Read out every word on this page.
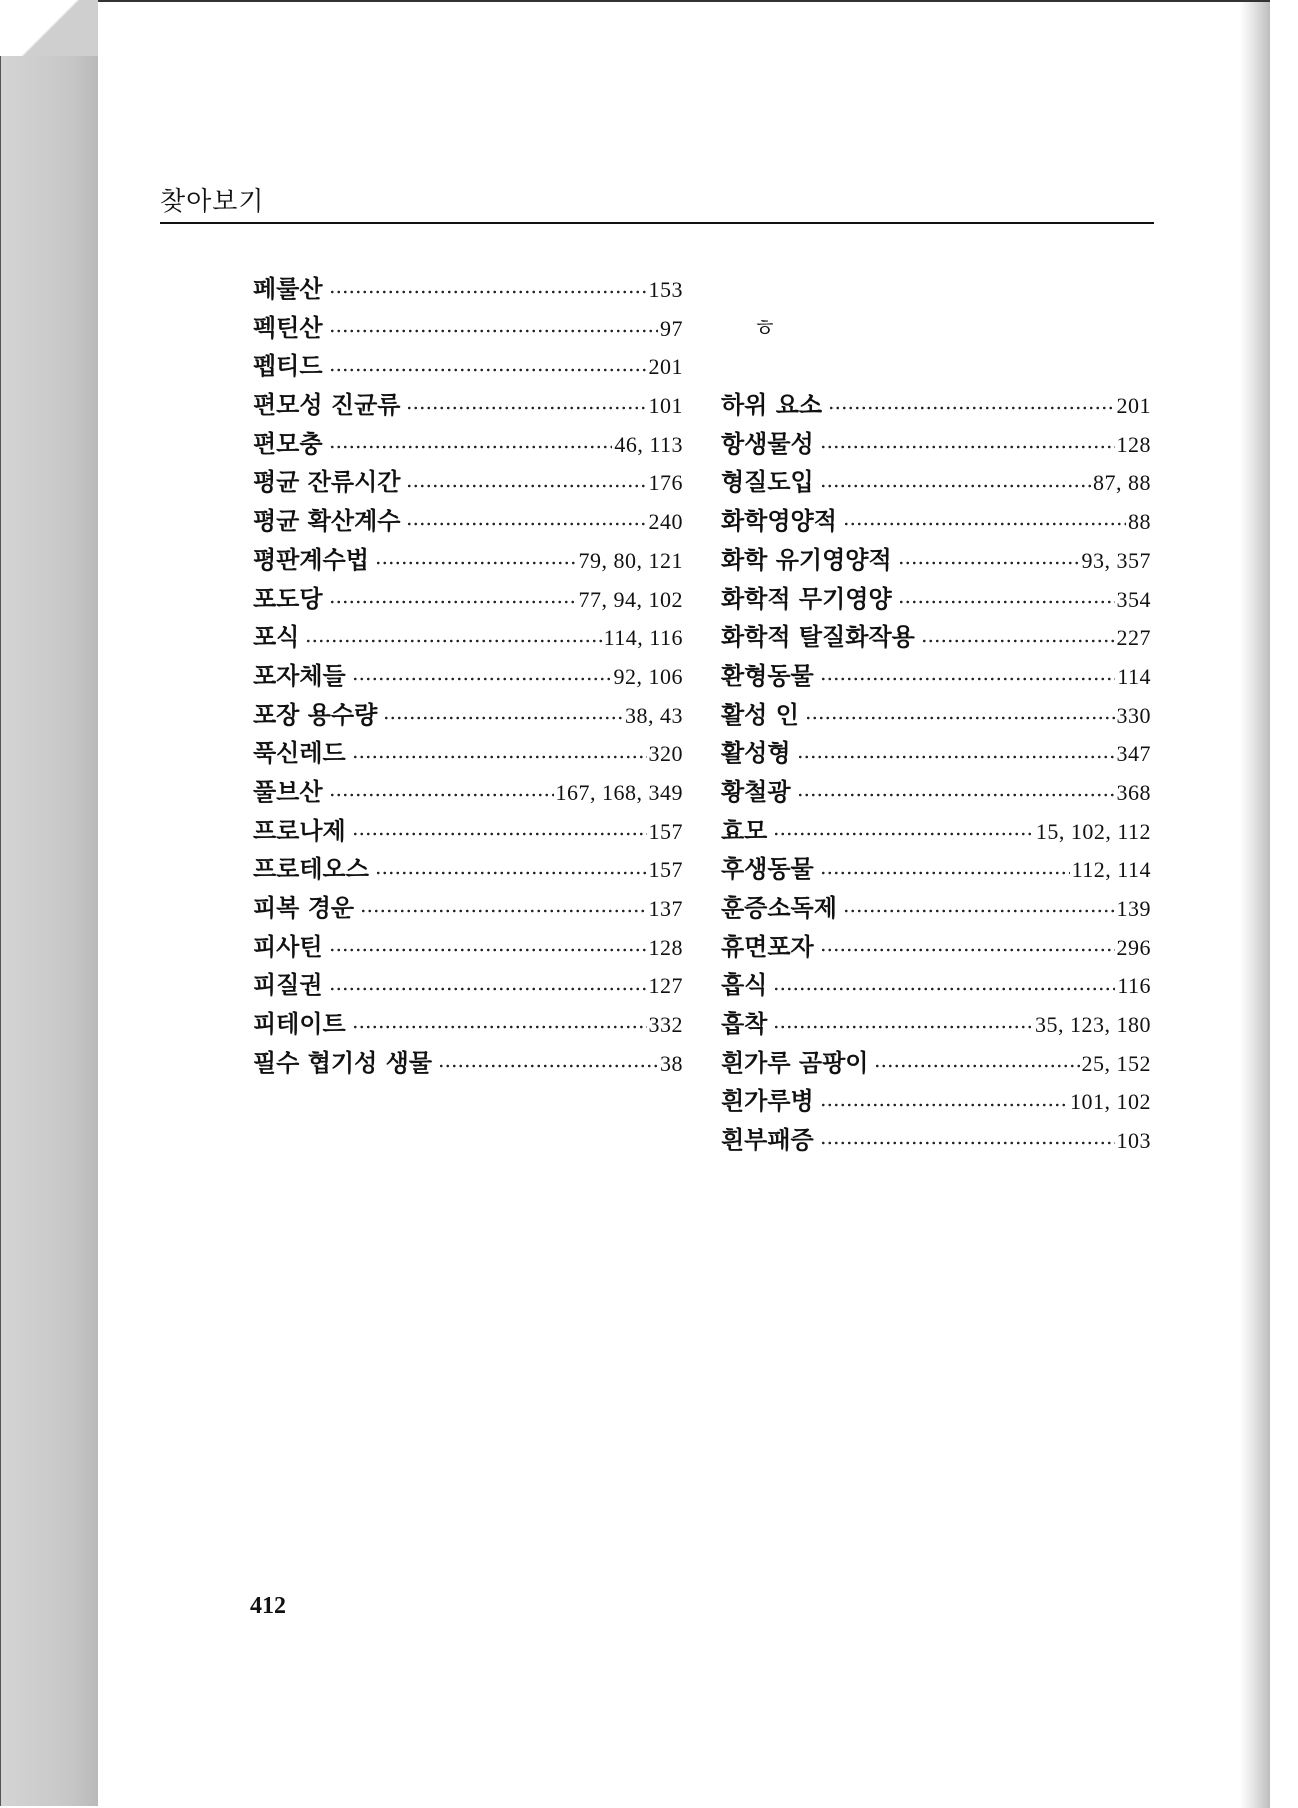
찾아보기
페룰산	153
펙틴산	97
펩티드	201
편모성 진균류	101
편모충	46, 113
평균 잔류시간	176
평균 확산계수	240
평판계수법	79, 80, 121
포도당	77, 94, 102
포식	114, 116
포자체들	92, 106
포장 용수량	38, 43
푹신레드	320
풀브산	167, 168, 349
프로나제	157
프로테오스	157
피복 경운	137
피사틴	128
피질권	127
피테이트	332
필수 협기성 생물	38
ㅎ
하위 요소	201
항생물성	128
형질도입	87, 88
화학영양적	88
화학 유기영양적	93, 357
화학적 무기영양	354
화학적 탈질화작용	227
환형동물	114
활성 인	330
활성형	347
황철광	368
효모	15, 102, 112
후생동물	112, 114
훈증소독제	139
휴면포자	296
흡식	116
흡착	35, 123, 180
흰가루 곰팡이	25, 152
흰가루병	101, 102
흰부패증	103
412
